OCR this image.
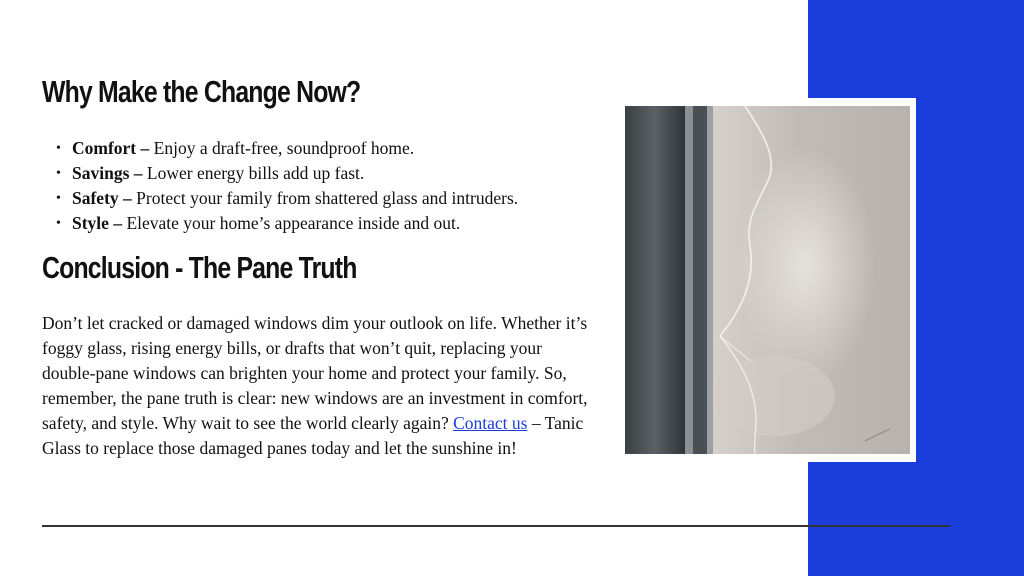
Why Make the Change Now?
• Comfort – Enjoy a draft-free, soundproof home.
• Savings – Lower energy bills add up fast.
• Safety – Protect your family from shattered glass and intruders.
• Style – Elevate your home’s appearance inside and out.
Conclusion - The Pane Truth

Don’t let cracked or damaged windows dim your outlook on life. Whether it’s foggy glass, rising energy bills, or drafts that won’t quit, replacing your double-pane windows can brighten your home and protect your family. So, remember, the pane truth is clear: new windows are an investment in comfort, safety, and style. Why wait to see the world clearly again? Contact us – Tanic Glass to replace those damaged panes today and let the sunshine in!
